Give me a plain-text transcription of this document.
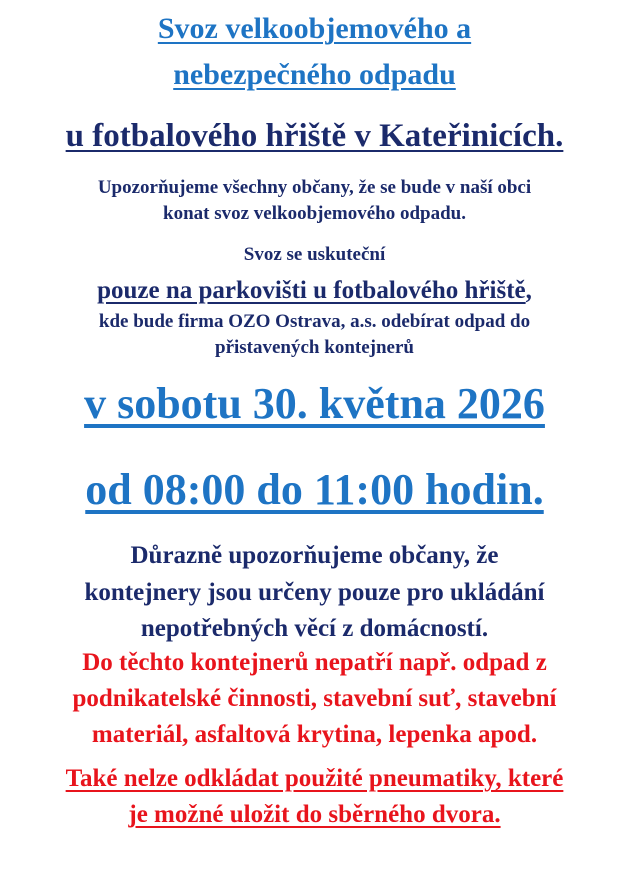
Svoz velkoobjemového a
nebezpečného odpadu
u fotbalového hřiště v Kateřinicích.
Upozorňujeme všechny občany, že se bude v naší obci
konat svoz velkoobjemového odpadu.
Svoz se uskuteční
pouze na parkovišti u fotbalového hřiště,
kde bude firma OZO Ostrava, a.s. odebírat odpad do
přistavených kontejnerů
v sobotu 30. května 2026
od 08:00 do 11:00 hodin.
Důrazně upozorňujeme občany, že
kontejnery jsou určeny pouze pro ukládání
nepotřebných věcí z domácností.
Do těchto kontejnerů nepatří např. odpad z
podnikatelské činnosti, stavební suť, stavební
materiál, asfaltová krytina, lepenka apod.
Také nelze odkládat použité pneumatiky, které
je možné uložit do sběrného dvora.
